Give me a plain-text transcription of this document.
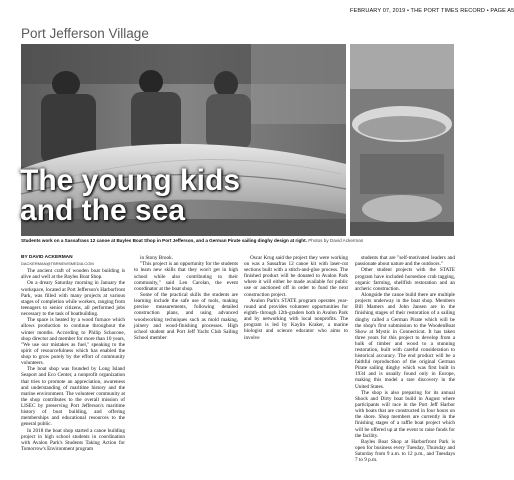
FEBRUARY 07, 2019 • THE PORT TIMES RECORD • PAGE A5
Port Jefferson Village
The young kids
and the sea
Students work on a Sassafrass 12 canoe at Bayles Boat Shop in Port Jefferson, and a German Pirate sailing dinghy design at right. Photos by David Ackerman
BY DAVID ACKERMAN
DACKERMAN@TBRNEWSMEDIA.COM

The ancient craft of wooden boat building is alive and well at the Bayles Boat Shop.

On a dreary Saturday morning in January the workspace, located at Port Jefferson's Harborfront Park, was filled with many projects at various stages of completion while workers, ranging from teenagers to senior citizens, all performed jobs necessary to the task of boatbuilding.

The space is heated by a wood furnace which allows production to continue throughout the winter months. According to Philip Schacone, shop director and member for more than 10 years, "We use our mistakes as fuel," speaking to the spirit of resourcefulness which has enabled the shop to grow purely by the effort of community volunteers.

The boat shop was founded by Long Island Seaport and Eco Center, a nonprofit organization that tries to promote an appreciation, awareness and understanding of maritime history and the marine environment. The volunteer community at the shop contributes to the overall mission of LISEC by preserving Port Jefferson's maritime history of boat building, and offering memberships and educational resources to the general public.

In 2018 the boat shop started a canoe building project in high school students in coordination with Avalon Park's Students Taking Action for Tomorrow's Environment program

in Stony Brook.

"This project is an opportunity for the students to learn new skills that they won't get in high school while also contributing to their community," said Len Carolan, the event coordinator at the boat shop.

Some of the practical skills the students are learning include the safe use of tools, making precise measurements, following detailed construction plans, and using advanced woodworking techniques such as mold making, joinery and wood-finishing processes. High school student and Port Jeff Yacht Club Sailing School member

Oscar Krug said the project they were working on was a Sassafras 12 canoe kit with laser-cut sections built with a stitch-and-glue process. The finished product will be donated to Avalon Park where it will either be made available for public use or auctioned off in order to fund the next construction project.

Avalon Park's STATE program operates year-round and provides volunteer opportunities for eighth- through 12th-graders both in Avalon Park and by networking with local nonprofits. The program is led by Kaylin Kraker, a marine biologist and science educator who aims to involve

students that are "self-motivated leaders and passionate about nature and the outdoors."

Other student projects with the STATE program have included horseshoe crab tagging, organic farming, shellfish restoration and an archeric construction.

Alongside the canoe build there are multiple projects underway in the boat shop. Members Bill Mamers and John Jansen are in the finishing stages of their restoration of a sailing dinghy called a German Pirate which will be the shop's first submission to the WoodenBoat Show at Mystic in Connecticut. It has taken three years for this project to develop from a hulk of timber and wood to a stunning restoration, built with careful consideration to historical accuracy. The end product will be a faithful reproduction of the original German Pirate sailing dinghy which was first built in 1934 and is usually found only in Europe, making this model a rare discovery in the United States.

The shop is also preparing for its annual Shock and Dirty boat build in August where participants will race in the Port Jeff Harbor with boats that are constructed in four hours on the shore. Shop members are currently in the finishing stages of a raffle boat project which will be offered up at the event to raise funds for the facility.

Bayles Boat Shop at Harborfront Park is open for business every Tuesday, Thursday and Saturday from 9 a.m. to 12 p.m., and Tuesdays 7 to 9 p.m.
